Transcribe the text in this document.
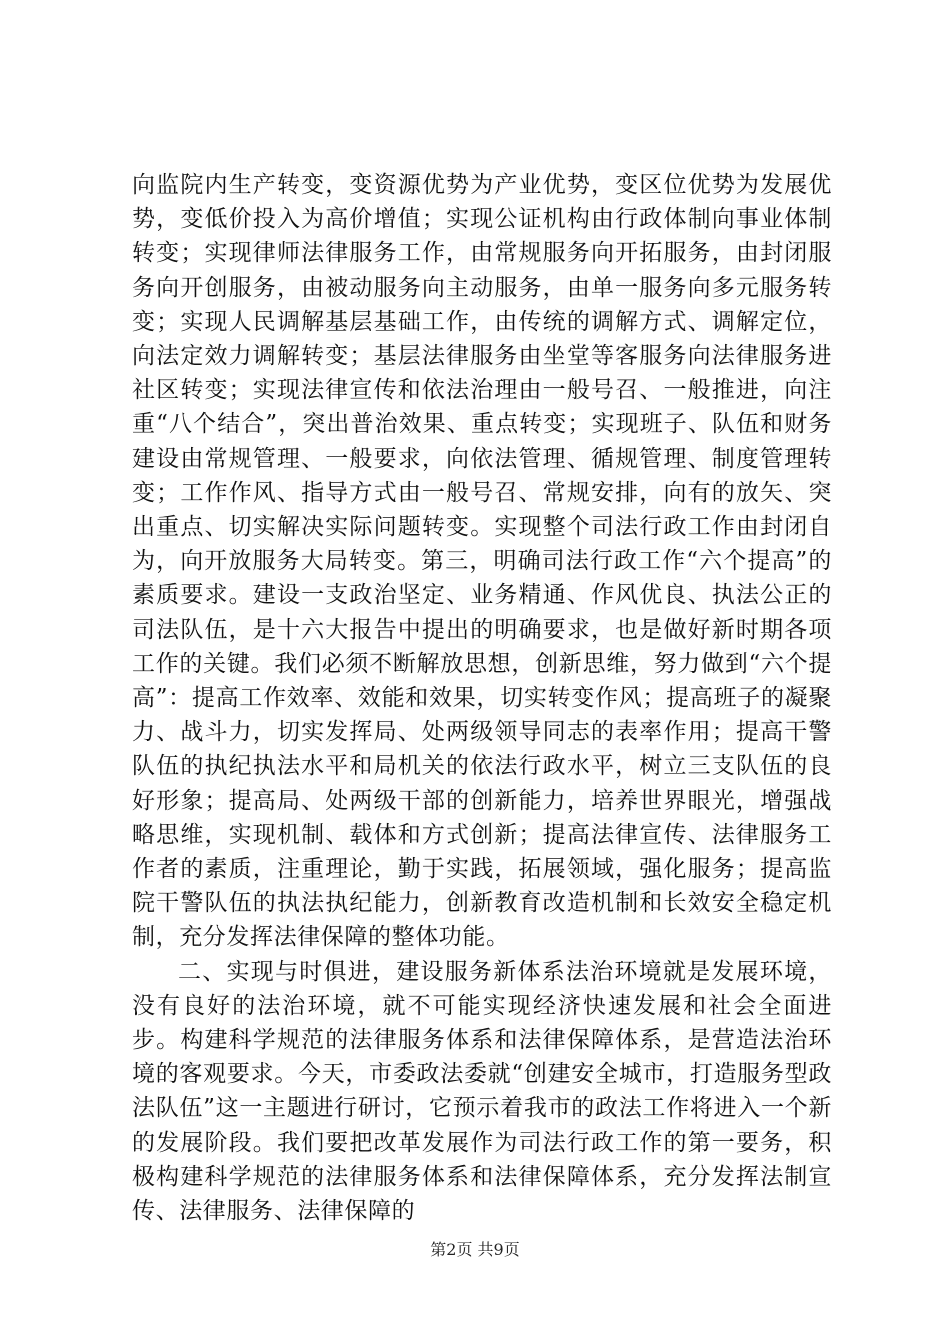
向监院内生产转变，变资源优势为产业优势，变区位优势为发展优势，变低价投入为高价增值；实现公证机构由行政体制向事业体制转变；实现律师法律服务工作，由常规服务向开拓服务，由封闭服务向开创服务，由被动服务向主动服务，由单一服务向多元服务转变；实现人民调解基层基础工作，由传统的调解方式、调解定位，向法定效力调解转变；基层法律服务由坐堂等客服务向法律服务进社区转变；实现法律宣传和依法治理由一般号召、一般推进，向注重“八个结合”，突出普治效果、重点转变；实现班子、队伍和财务建设由常规管理、一般要求，向依法管理、循规管理、制度管理转变；工作作风、指导方式由一般号召、常规安排，向有的放矢、突出重点、切实解决实际问题转变。实现整个司法行政工作由封闭自为，向开放服务大局转变。第三，明确司法行政工作“六个提高”的素质要求。建设一支政治坚定、业务精通、作风优良、执法公正的司法队伍，是十六大报告中提出的明确要求，也是做好新时期各项工作的关键。我们必须不断解放思想，创新思维，努力做到“六个提高”：提高工作效率、效能和效果，切实转变作风；提高班子的凝聚力、战斗力，切实发挥局、处两级领导同志的表率作用；提高干警队伍的执纪执法水平和局机关的依法行政水平，树立三支队伍的良好形象；提高局、处两级干部的创新能力，培养世界眼光，增强战略思维，实现机制、载体和方式创新；提高法律宣传、法律服务工作者的素质，注重理论，勤于实践，拓展领域，强化服务；提高监院干警队伍的执法执纪能力，创新教育改造机制和长效安全稳定机制，充分发挥法律保障的整体功能。

二、实现与时俱进，建设服务新体系法治环境就是发展环境，没有良好的法治环境，就不可能实现经济快速发展和社会全面进步。构建科学规范的法律服务体系和法律保障体系，是营造法治环境的客观要求。今天，市委政法委就“创建安全城市，打造服务型政法队伍”这一主题进行研讨，它预示着我市的政法工作将进入一个新的发展阶段。我们要把改革发展作为司法行政工作的第一要务，积极构建科学规范的法律服务体系和法律保障体系，充分发挥法制宣传、法律服务、法律保障的

第2页 共9页
